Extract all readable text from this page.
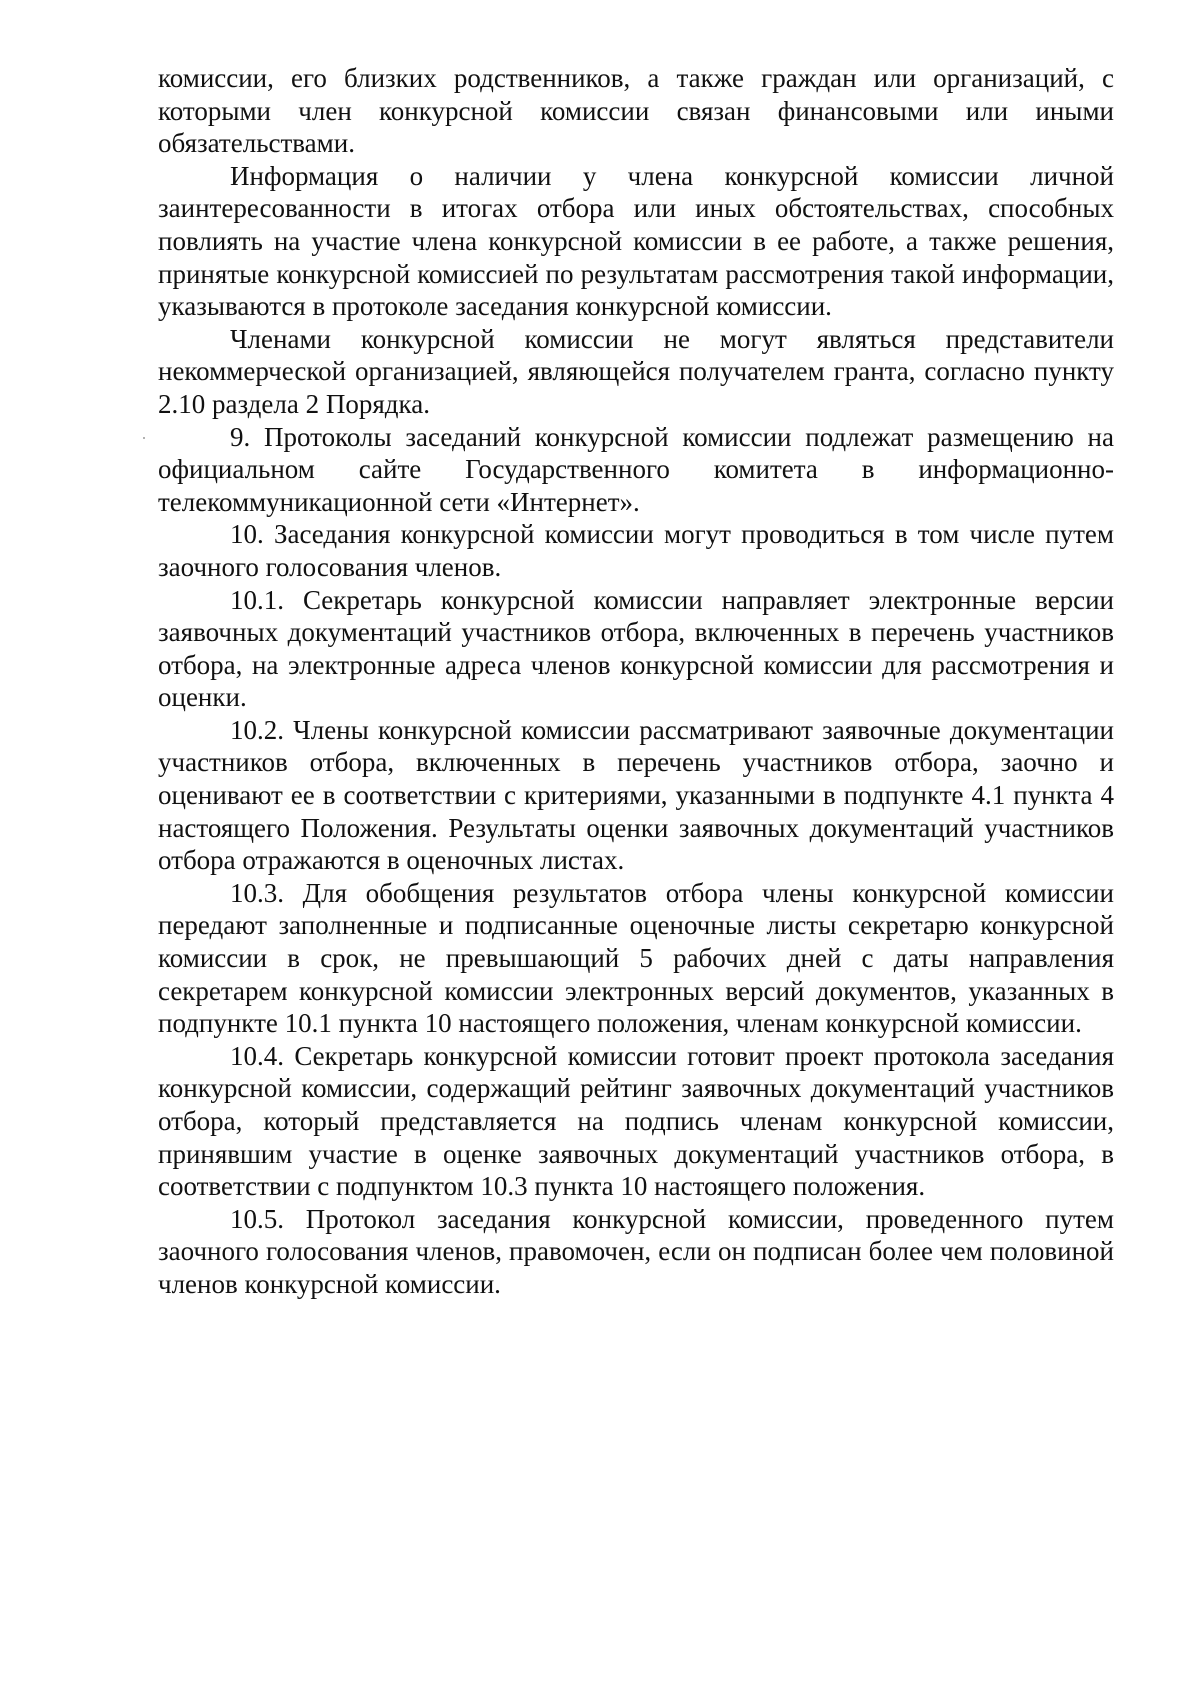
комиссии, его близких родственников, а также граждан или организаций, с которыми член конкурсной комиссии связан финансовыми или иными обязательствами.

Информация о наличии у члена конкурсной комиссии личной заинтересованности в итогах отбора или иных обстоятельствах, способных повлиять на участие члена конкурсной комиссии в ее работе, а также решения, принятые конкурсной комиссией по результатам рассмотрения такой информации, указываются в протоколе заседания конкурсной комиссии.

Членами конкурсной комиссии не могут являться представители некоммерческой организацией, являющейся получателем гранта, согласно пункту 2.10 раздела 2 Порядка.

9. Протоколы заседаний конкурсной комиссии подлежат размещению на официальном сайте Государственного комитета в информационно-телекоммуникационной сети «Интернет».

10. Заседания конкурсной комиссии могут проводиться в том числе путем заочного голосования членов.

10.1. Секретарь конкурсной комиссии направляет электронные версии заявочных документаций участников отбора, включенных в перечень участников отбора, на электронные адреса членов конкурсной комиссии для рассмотрения и оценки.

10.2. Члены конкурсной комиссии рассматривают заявочные документации участников отбора, включенных в перечень участников отбора, заочно и оценивают ее в соответствии с критериями, указанными в подпункте 4.1 пункта 4 настоящего Положения. Результаты оценки заявочных документаций участников отбора отражаются в оценочных листах.

10.3. Для обобщения результатов отбора члены конкурсной комиссии передают заполненные и подписанные оценочные листы секретарю конкурсной комиссии в срок, не превышающий 5 рабочих дней с даты направления секретарем конкурсной комиссии электронных версий документов, указанных в подпункте 10.1 пункта 10 настоящего положения, членам конкурсной комиссии.

10.4. Секретарь конкурсной комиссии готовит проект протокола заседания конкурсной комиссии, содержащий рейтинг заявочных документаций участников отбора, который представляется на подпись членам конкурсной комиссии, принявшим участие в оценке заявочных документаций участников отбора, в соответствии с подпунктом 10.3 пункта 10 настоящего положения.

10.5. Протокол заседания конкурсной комиссии, проведенного путем заочного голосования членов, правомочен, если он подписан более чем половиной членов конкурсной комиссии.
